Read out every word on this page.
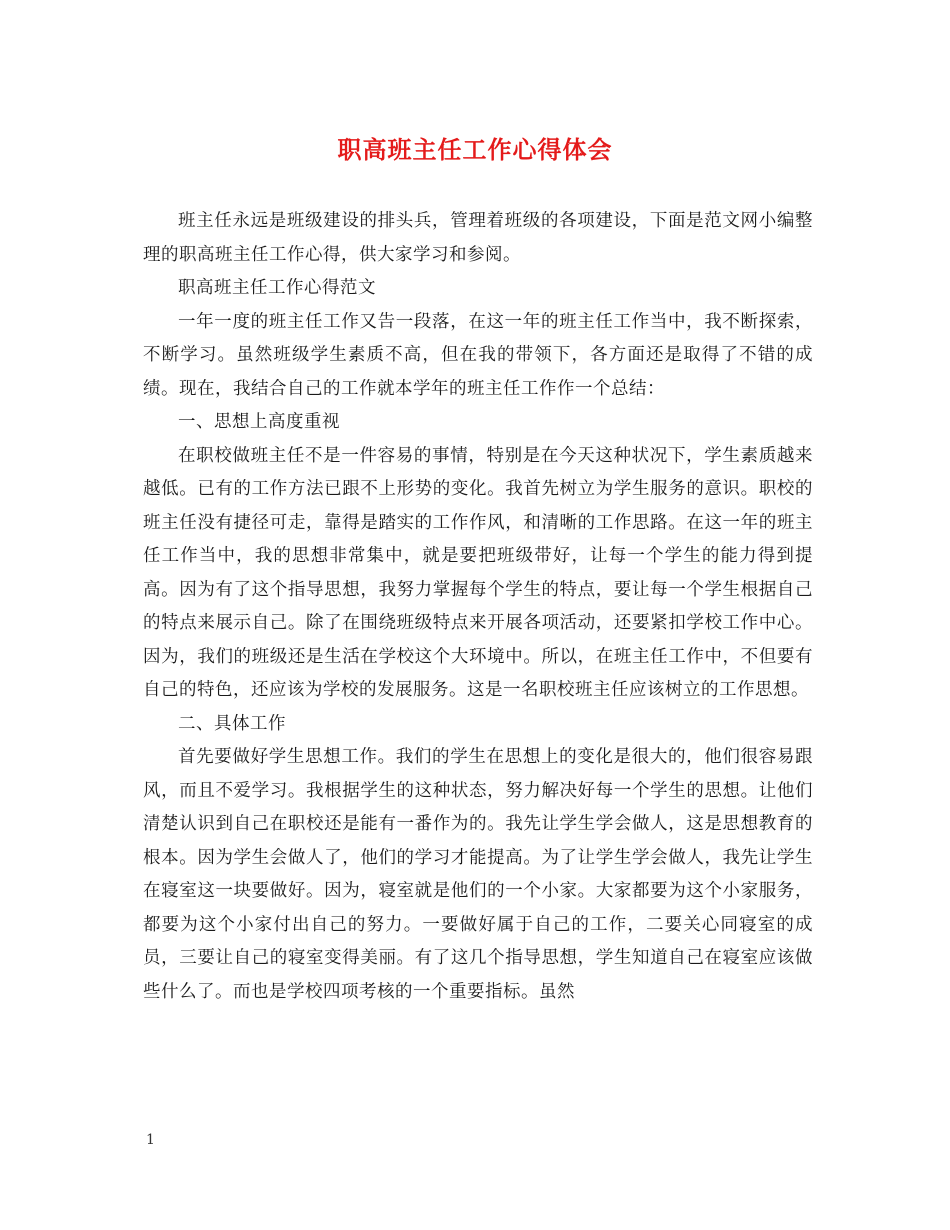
职高班主任工作心得体会

班主任永远是班级建设的排头兵，管理着班级的各项建设，下面是范文网小编整理的职高班主任工作心得，供大家学习和参阅。

职高班主任工作心得范文

一年一度的班主任工作又告一段落，在这一年的班主任工作当中，我不断探索，不断学习。虽然班级学生素质不高，但在我的带领下，各方面还是取得了不错的成绩。现在，我结合自己的工作就本学年的班主任工作作一个总结：

一、思想上高度重视

在职校做班主任不是一件容易的事情，特别是在今天这种状况下，学生素质越来越低。已有的工作方法已跟不上形势的变化。我首先树立为学生服务的意识。职校的班主任没有捷径可走，靠得是踏实的工作作风，和清晰的工作思路。在这一年的班主任工作当中，我的思想非常集中，就是要把班级带好，让每一个学生的能力得到提高。因为有了这个指导思想，我努力掌握每个学生的特点，要让每一个学生根据自己的特点来展示自己。除了在围绕班级特点来开展各项活动，还要紧扣学校工作中心。因为，我们的班级还是生活在学校这个大环境中。所以，在班主任工作中，不但要有自己的特色，还应该为学校的发展服务。这是一名职校班主任应该树立的工作思想。

二、具体工作

首先要做好学生思想工作。我们的学生在思想上的变化是很大的，他们很容易跟风，而且不爱学习。我根据学生的这种状态，努力解决好每一个学生的思想。让他们清楚认识到自己在职校还是能有一番作为的。我先让学生学会做人，这是思想教育的根本。因为学生会做人了，他们的学习才能提高。为了让学生学会做人，我先让学生在寝室这一块要做好。因为，寝室就是他们的一个小家。大家都要为这个小家服务，都要为这个小家付出自己的努力。一要做好属于自己的工作，二要关心同寝室的成员，三要让自己的寝室变得美丽。有了这几个指导思想，学生知道自己在寝室应该做些什么了。而也是学校四项考核的一个重要指标。虽然

1
